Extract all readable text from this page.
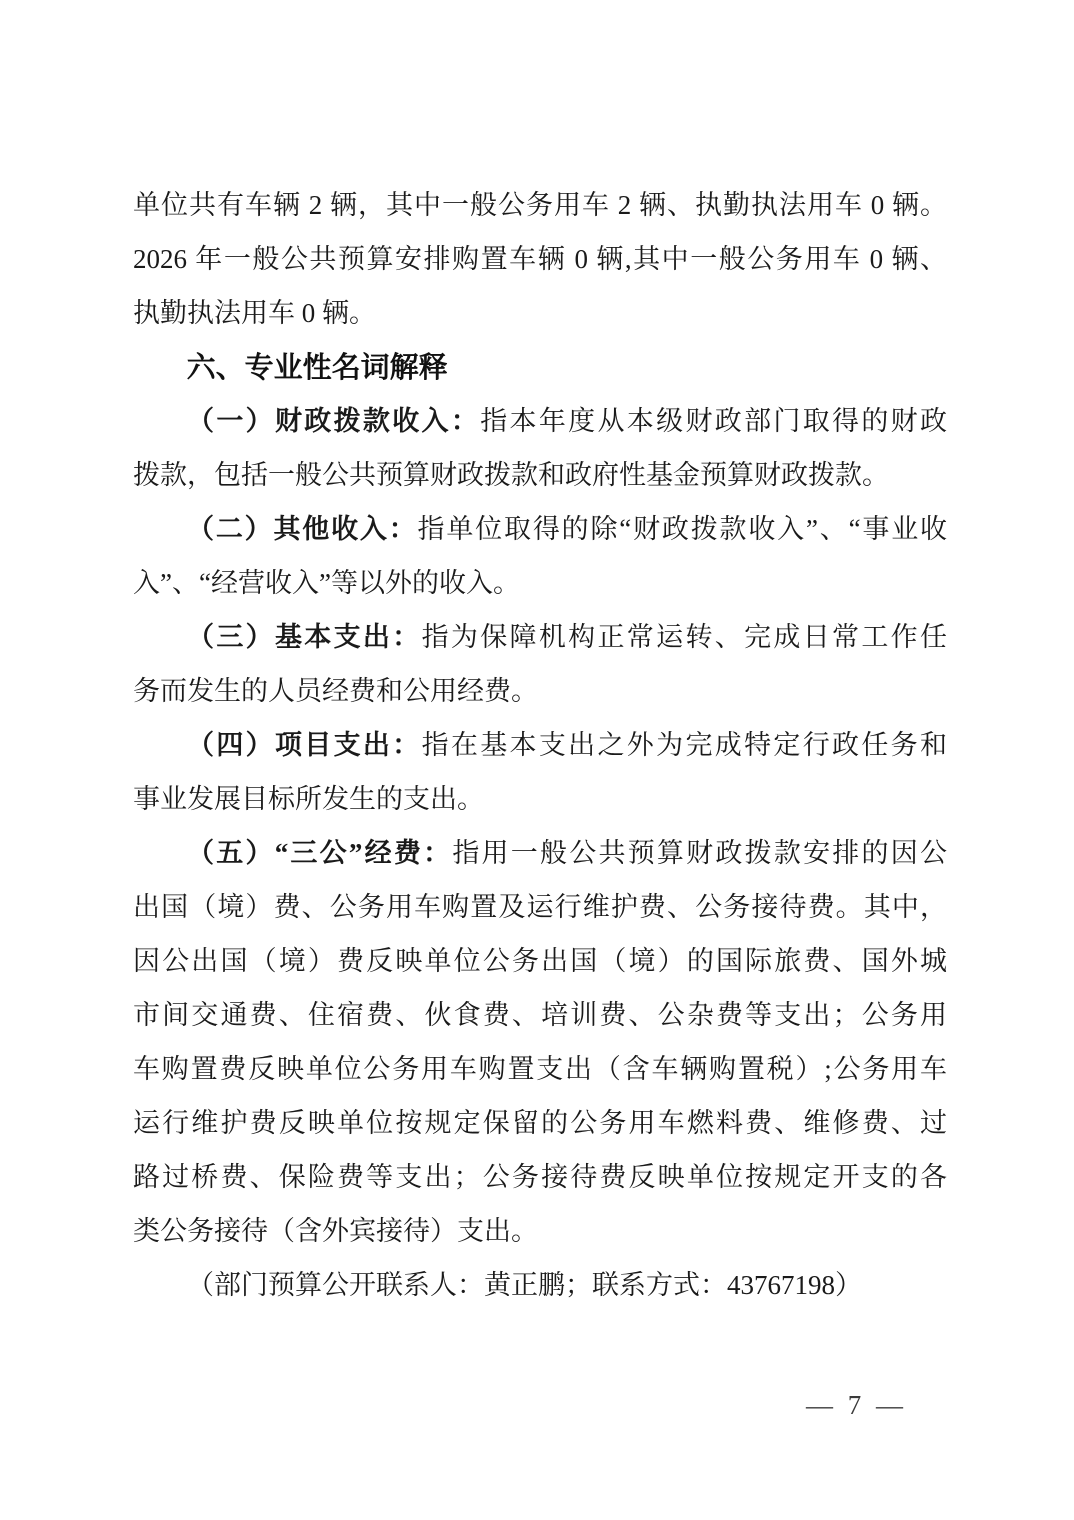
单位共有车辆 2 辆，其中一般公务用车 2 辆、执勤执法用车 0 辆。
2026 年一般公共预算安排购置车辆 0 辆,其中一般公务用车 0 辆、
执勤执法用车 0 辆。
六、专业性名词解释
（一）财政拨款收入：指本年度从本级财政部门取得的财政
拨款，包括一般公共预算财政拨款和政府性基金预算财政拨款。
（二）其他收入：指单位取得的除“财政拨款收入”、“事业收
入”、“经营收入”等以外的收入。
（三）基本支出：指为保障机构正常运转、完成日常工作任
务而发生的人员经费和公用经费。
（四）项目支出：指在基本支出之外为完成特定行政任务和
事业发展目标所发生的支出。
（五）“三公”经费：指用一般公共预算财政拨款安排的因公
出国（境）费、公务用车购置及运行维护费、公务接待费。其中，
因公出国（境）费反映单位公务出国（境）的国际旅费、国外城
市间交通费、住宿费、伙食费、培训费、公杂费等支出；公务用
车购置费反映单位公务用车购置支出（含车辆购置税）;公务用车
运行维护费反映单位按规定保留的公务用车燃料费、维修费、过
路过桥费、保险费等支出；公务接待费反映单位按规定开支的各
类公务接待（含外宾接待）支出。
（部门预算公开联系人：黄正鹏；联系方式：43767198）
— 7 —
